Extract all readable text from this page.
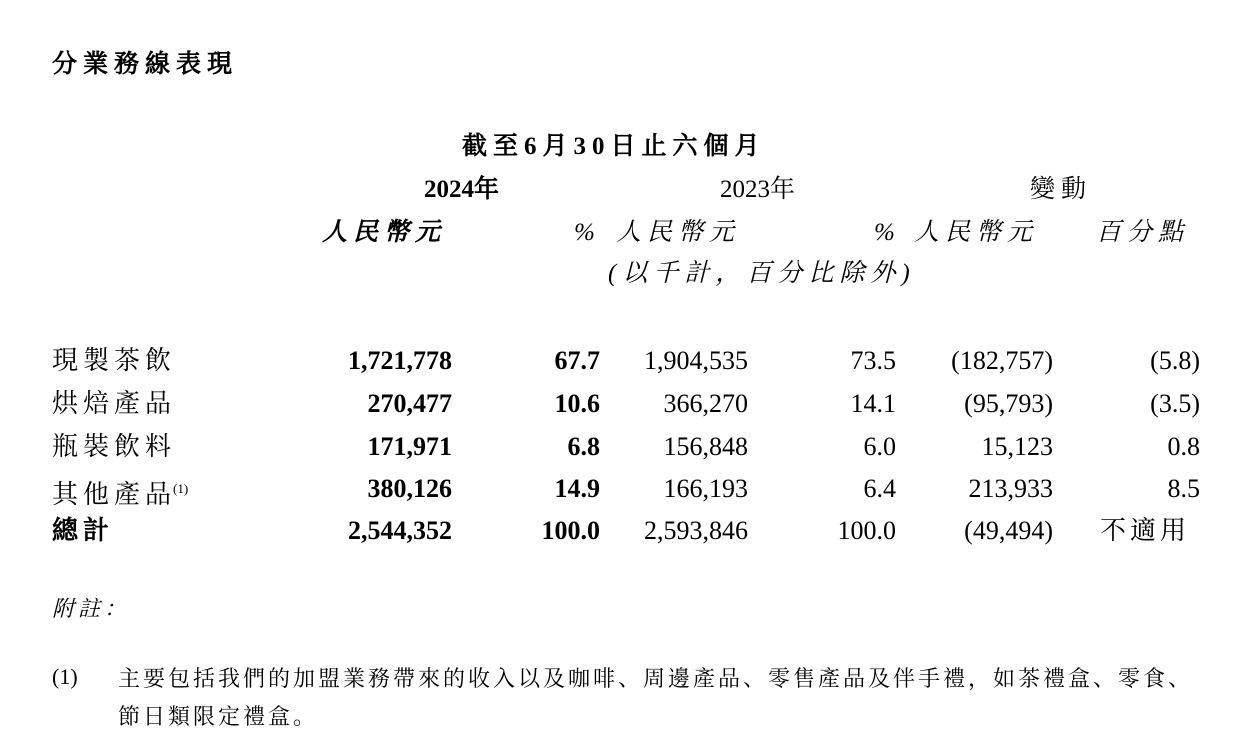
分業務線表現
截至6月30日止六個月
2024年	2023年	變動
人民幣元	% 人民幣元	% 人民幣元 百分點
(以千計，百分比除外)
現製茶飲	1,721,778	67.7 1,904,535	73.5 (182,757)	(5.8)
烘焙產品	270,477	10.6 366,270	14.1	(95,793)	(3.5)
瓶裝飲料	171,971	6.8 156,848	6.0	15,123	0.8
其他產品$^{(1)}$	380,126	14.9 166,193	6.4	213,933	8.5
總計	2,544,352	100.0 2,593,846	100.0	(49,494) 不適用
附註：
(1) 主要包括我們的加盟業務帶來的收入以及咖啡、周邊產品、零售產品及伴手禮，如茶禮盒、零食、節日類限定禮盒。
